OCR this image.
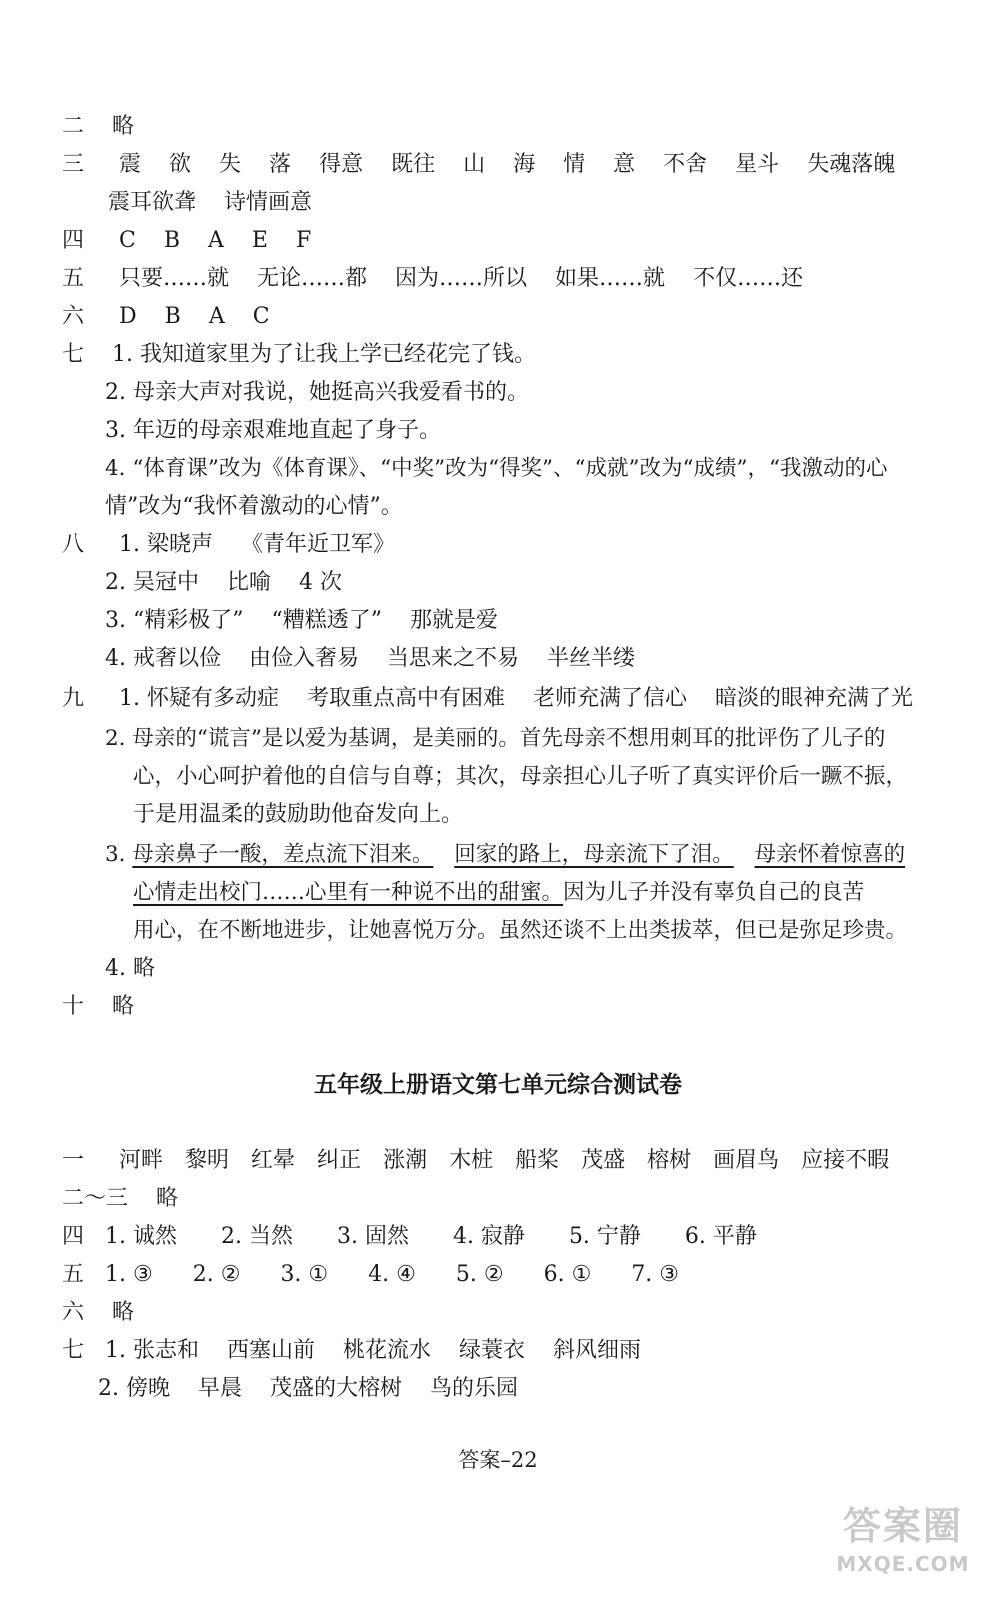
二 略
三 震 欲 失 落 得意 既往 山 海 情 意 不舍 星斗 失魂落魄
震耳欲聋 诗情画意
四 C B A E F
五 只要……就 无论……都 因为……所以 如果……就 不仅……还
六 D B A C
七 1. 我知道家里为了让我上学已经花完了钱。
2. 母亲大声对我说，她挺高兴我爱看书的。
3. 年迈的母亲艰难地直起了身子。
4. “体育课”改为《体育课》、“中奖”改为“得奖”、“成就”改为“成绩”，“我激动的心
情”改为“我怀着激动的心情”。
八 1. 梁晓声 《青年近卫军》
2. 吴冠中 比喻 4 次
3. “精彩极了” “糟糕透了” 那就是爱
4. 戒奢以俭 由俭入奢易 当思来之不易 半丝半缕
九 1. 怀疑有多动症 考取重点高中有困难 老师充满了信心 暗淡的眼神充满了光
2. 母亲的“谎言”是以爱为基调，是美丽的。首先母亲不想用刺耳的批评伤了儿子的
心，小心呵护着他的自信与自尊；其次，母亲担心儿子听了真实评价后一蹶不振，
于是用温柔的鼓励助他奋发向上。
3. 母亲鼻子一酸，差点流下泪来。 回家的路上，母亲流下了泪。 母亲怀着惊喜的
心情走出校门……心里有一种说不出的甜蜜。因为儿子并没有辜负自己的良苦
用心，在不断地进步，让她喜悦万分。虽然还谈不上出类拔萃，但已是弥足珍贵。
4. 略
十 略
五年级上册语文第七单元综合测试卷
一 河畔 黎明 红晕 纠正 涨潮 木桩 船桨 茂盛 榕树 画眉鸟 应接不暇
二～三 略
四 1. 诚然 2. 当然 3. 固然 4. 寂静 5. 宁静 6. 平静
五 1. ③ 2. ② 3. ① 4. ④ 5. ② 6. ① 7. ③
六 略
七 1. 张志和 西塞山前 桃花流水 绿蓑衣 斜风细雨
2. 傍晚 早晨 茂盛的大榕树 鸟的乐园
答案–22
答案圈
MXQE.COM
